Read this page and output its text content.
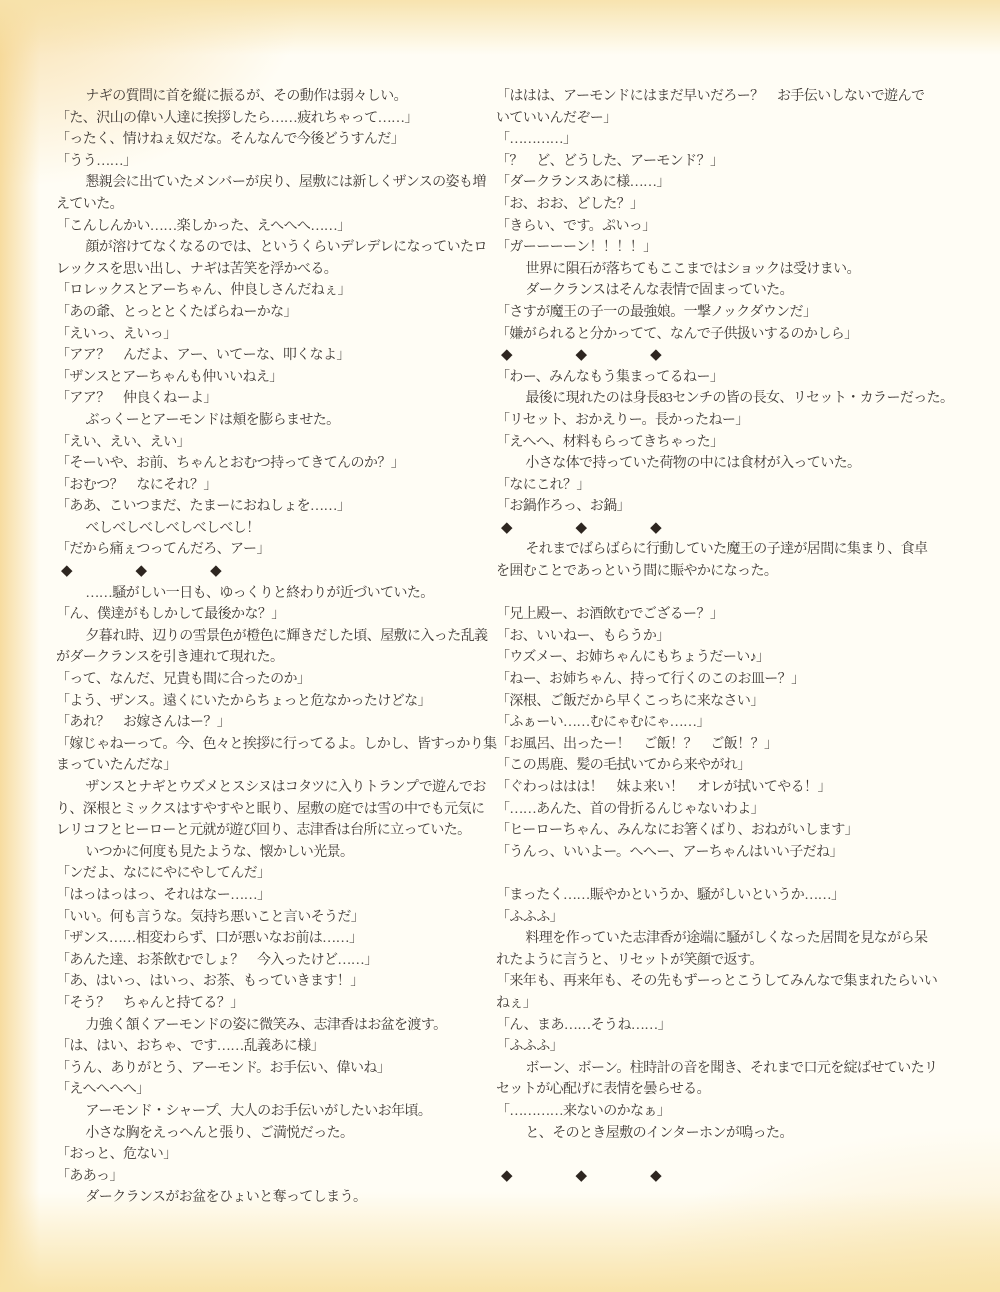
　ナギの質問に首を縦に振るが、その動作は弱々しい。
「た、沢山の偉い人達に挨拶したら……疲れちゃって……」
「ったく、情けねぇ奴だな。そんなんで今後どうすんだ」
「うう……」
　懇親会に出ていたメンバーが戻り、屋敷には新しくザンスの姿も増
えていた。
「こんしんかい……楽しかった、えへへへ……」
　顔が溶けてなくなるのでは、というくらいデレデレになっていたロ
レックスを思い出し、ナギは苦笑を浮かべる。
「ロレックスとアーちゃん、仲良しさんだねぇ」
「あの爺、とっととくたばらねーかな」
「えいっ、えいっ」
「アア？　んだよ、アー、いてーな、叩くなよ」
「ザンスとアーちゃんも仲いいねえ」
「アア？　仲良くねーよ」
　ぶっくーとアーモンドは頬を膨らませた。
「えい、えい、えい」
「そーいや、お前、ちゃんとおむつ持ってきてんのか？」
「おむつ？　なにそれ？」
「ああ、こいつまだ、たまーにおねしょを……」
　べしべしべしべしべしべし！
「だから痛ぇつってんだろ、アー」
◆　◆　◆
　……騒がしい一日も、ゆっくりと終わりが近づいていた。
「ん、僕達がもしかして最後かな？」
　夕暮れ時、辺りの雪景色が橙色に輝きだした頃、屋敷に入った乱義
がダークランスを引き連れて現れた。
「って、なんだ、兄貴も間に合ったのか」
「よう、ザンス。遠くにいたからちょっと危なかったけどな」
「あれ？　お嫁さんはー？」
「嫁じゃねーって。今、色々と挨拶に行ってるよ。しかし、皆すっかり集
まっていたんだな」
　ザンスとナギとウズメとスシヌはコタツに入りトランプで遊んでお
り、深根とミックスはすやすやと眠り、屋敷の庭では雪の中でも元気に
レリコフとヒーローと元就が遊び回り、志津香は台所に立っていた。
　いつかに何度も見たような、懐かしい光景。
「ンだよ、なににやにやしてんだ」
「はっはっはっ、それはなー……」
「いい。何も言うな。気持ち悪いこと言いそうだ」
「ザンス……相変わらず、口が悪いなお前は……」
「あんた達、お茶飲むでしょ？　今入ったけど……」
「あ、はいっ、はいっ、お茶、もっていきます！」
「そう？　ちゃんと持てる？」
　力強く頷くアーモンドの姿に微笑み、志津香はお盆を渡す。
「は、はい、おちゃ、です……乱義あに様」
「うん、ありがとう、アーモンド。お手伝い、偉いね」
「えへへへへ」
　アーモンド・シャープ、大人のお手伝いがしたいお年頃。
　小さな胸をえっへんと張り、ご満悦だった。
「おっと、危ない」
「ああっ」
　ダークランスがお盆をひょいと奪ってしまう。
「ははは、アーモンドにはまだ早いだろー？　お手伝いしないで遊んで
いていいんだぞー」
「…………」
「？　ど、どうした、アーモンド？」
「ダークランスあに様……」
「お、おお、どした？」
「きらい、です。ぷいっ」
「ガーーーーン！！！！」
　世界に隕石が落ちてもここまではショックは受けまい。
　ダークランスはそんな表情で固まっていた。
「さすが魔王の子一の最強娘。一撃ノックダウンだ」
「嫌がられると分かってて、なんで子供扱いするのかしら」
◆　◆　◆
「わー、みんなもう集まってるねー」
　最後に現れたのは身長83センチの皆の長女、リセット・カラーだった。
「リセット、おかえりー。長かったねー」
「えへへ、材料もらってきちゃった」
　小さな体で持っていた荷物の中には食材が入っていた。
「なにこれ？」
「お鍋作ろっ、お鍋」
◆　◆　◆
　それまでばらばらに行動していた魔王の子達が居間に集まり、食卓
を囲むことであっという間に賑やかになった。
「兄上殿ー、お酒飲むでござるー？」
「お、いいねー、もらうか」
「ウズメー、お姉ちゃんにもちょうだーい♪」
「ねー、お姉ちゃん、持って行くのこのお皿ー？」
「深根、ご飯だから早くこっちに来なさい」
「ふぁーい……むにゃむにゃ……」
「お風呂、出ったー！　ご飯！？　ご飯！？」
「この馬鹿、髪の毛拭いてから来やがれ」
「ぐわっははは！　妹よ来い！　オレが拭いてやる！」
「……あんた、首の骨折るんじゃないわよ」
「ヒーローちゃん、みんなにお箸くばり、おねがいします」
「うんっ、いいよー。へへー、アーちゃんはいい子だね」
「まったく……賑やかというか、騒がしいというか……」
「ふふふ」
　料理を作っていた志津香が途端に騒がしくなった居間を見ながら呆
れたように言うと、リセットが笑顔で返す。
「来年も、再来年も、その先もずーっとこうしてみんなで集まれたらいい
ねぇ」
「ん、まあ……そうね……」
「ふふふ」
　ボーン、ボーン。柱時計の音を聞き、それまで口元を綻ばせていたリ
セットが心配げに表情を曇らせる。
「…………来ないのかなぁ」
　と、そのとき屋敷のインターホンが鳴った。
◆　◆　◆
